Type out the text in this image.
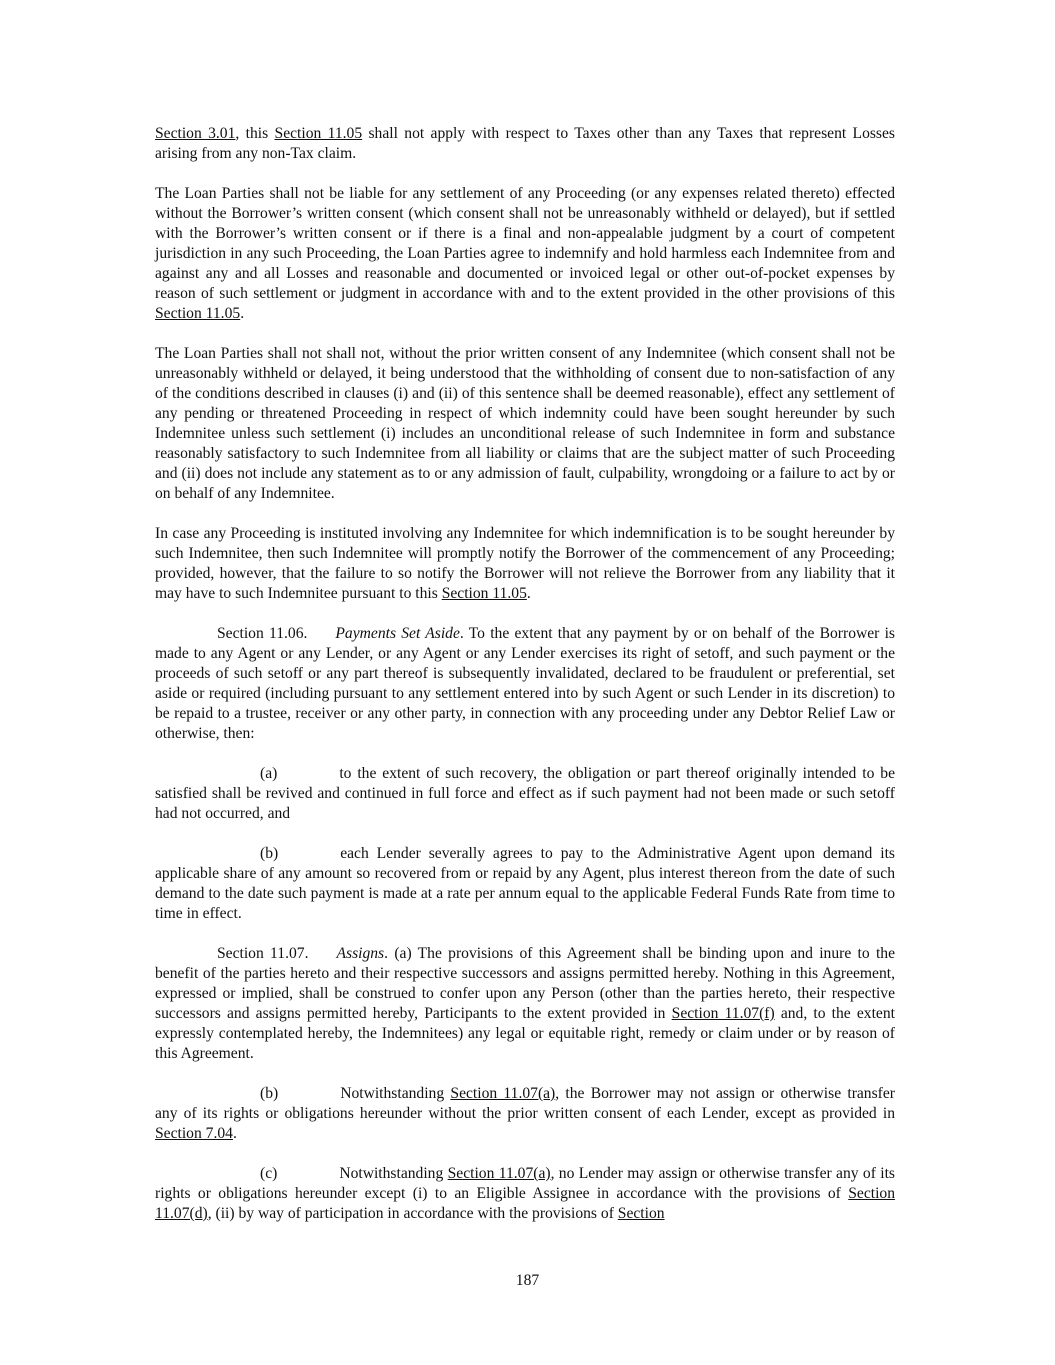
Section 3.01, this Section 11.05 shall not apply with respect to Taxes other than any Taxes that represent Losses arising from any non-Tax claim.

The Loan Parties shall not be liable for any settlement of any Proceeding (or any expenses related thereto) effected without the Borrower’s written consent (which consent shall not be unreasonably withheld or delayed), but if settled with the Borrower’s written consent or if there is a final and non-appealable judgment by a court of competent jurisdiction in any such Proceeding, the Loan Parties agree to indemnify and hold harmless each Indemnitee from and against any and all Losses and reasonable and documented or invoiced legal or other out-of-pocket expenses by reason of such settlement or judgment in accordance with and to the extent provided in the other provisions of this Section 11.05.

The Loan Parties shall not shall not, without the prior written consent of any Indemnitee (which consent shall not be unreasonably withheld or delayed, it being understood that the withholding of consent due to non-satisfaction of any of the conditions described in clauses (i) and (ii) of this sentence shall be deemed reasonable), effect any settlement of any pending or threatened Proceeding in respect of which indemnity could have been sought hereunder by such Indemnitee unless such settlement (i) includes an unconditional release of such Indemnitee in form and substance reasonably satisfactory to such Indemnitee from all liability or claims that are the subject matter of such Proceeding and (ii) does not include any statement as to or any admission of fault, culpability, wrongdoing or a failure to act by or on behalf of any Indemnitee.

In case any Proceeding is instituted involving any Indemnitee for which indemnification is to be sought hereunder by such Indemnitee, then such Indemnitee will promptly notify the Borrower of the commencement of any Proceeding; provided, however, that the failure to so notify the Borrower will not relieve the Borrower from any liability that it may have to such Indemnitee pursuant to this Section 11.05.

Section 11.06. Payments Set Aside. To the extent that any payment by or on behalf of the Borrower is made to any Agent or any Lender, or any Agent or any Lender exercises its right of setoff, and such payment or the proceeds of such setoff or any part thereof is subsequently invalidated, declared to be fraudulent or preferential, set aside or required (including pursuant to any settlement entered into by such Agent or such Lender in its discretion) to be repaid to a trustee, receiver or any other party, in connection with any proceeding under any Debtor Relief Law or otherwise, then:

(a)	to the extent of such recovery, the obligation or part thereof originally intended to be satisfied shall be revived and continued in full force and effect as if such payment had not been made or such setoff had not occurred, and

(b)	each Lender severally agrees to pay to the Administrative Agent upon demand its applicable share of any amount so recovered from or repaid by any Agent, plus interest thereon from the date of such demand to the date such payment is made at a rate per annum equal to the applicable Federal Funds Rate from time to time in effect.

Section 11.07. Assigns. (a) The provisions of this Agreement shall be binding upon and inure to the benefit of the parties hereto and their respective successors and assigns permitted hereby. Nothing in this Agreement, expressed or implied, shall be construed to confer upon any Person (other than the parties hereto, their respective successors and assigns permitted hereby, Participants to the extent provided in Section 11.07(f) and, to the extent expressly contemplated hereby, the Indemnitees) any legal or equitable right, remedy or claim under or by reason of this Agreement.

(b)	Notwithstanding Section 11.07(a), the Borrower may not assign or otherwise transfer any of its rights or obligations hereunder without the prior written consent of each Lender, except as provided in Section 7.04.

(c)	Notwithstanding Section 11.07(a), no Lender may assign or otherwise transfer any of its rights or obligations hereunder except (i) to an Eligible Assignee in accordance with the provisions of Section 11.07(d), (ii) by way of participation in accordance with the provisions of Section

187
